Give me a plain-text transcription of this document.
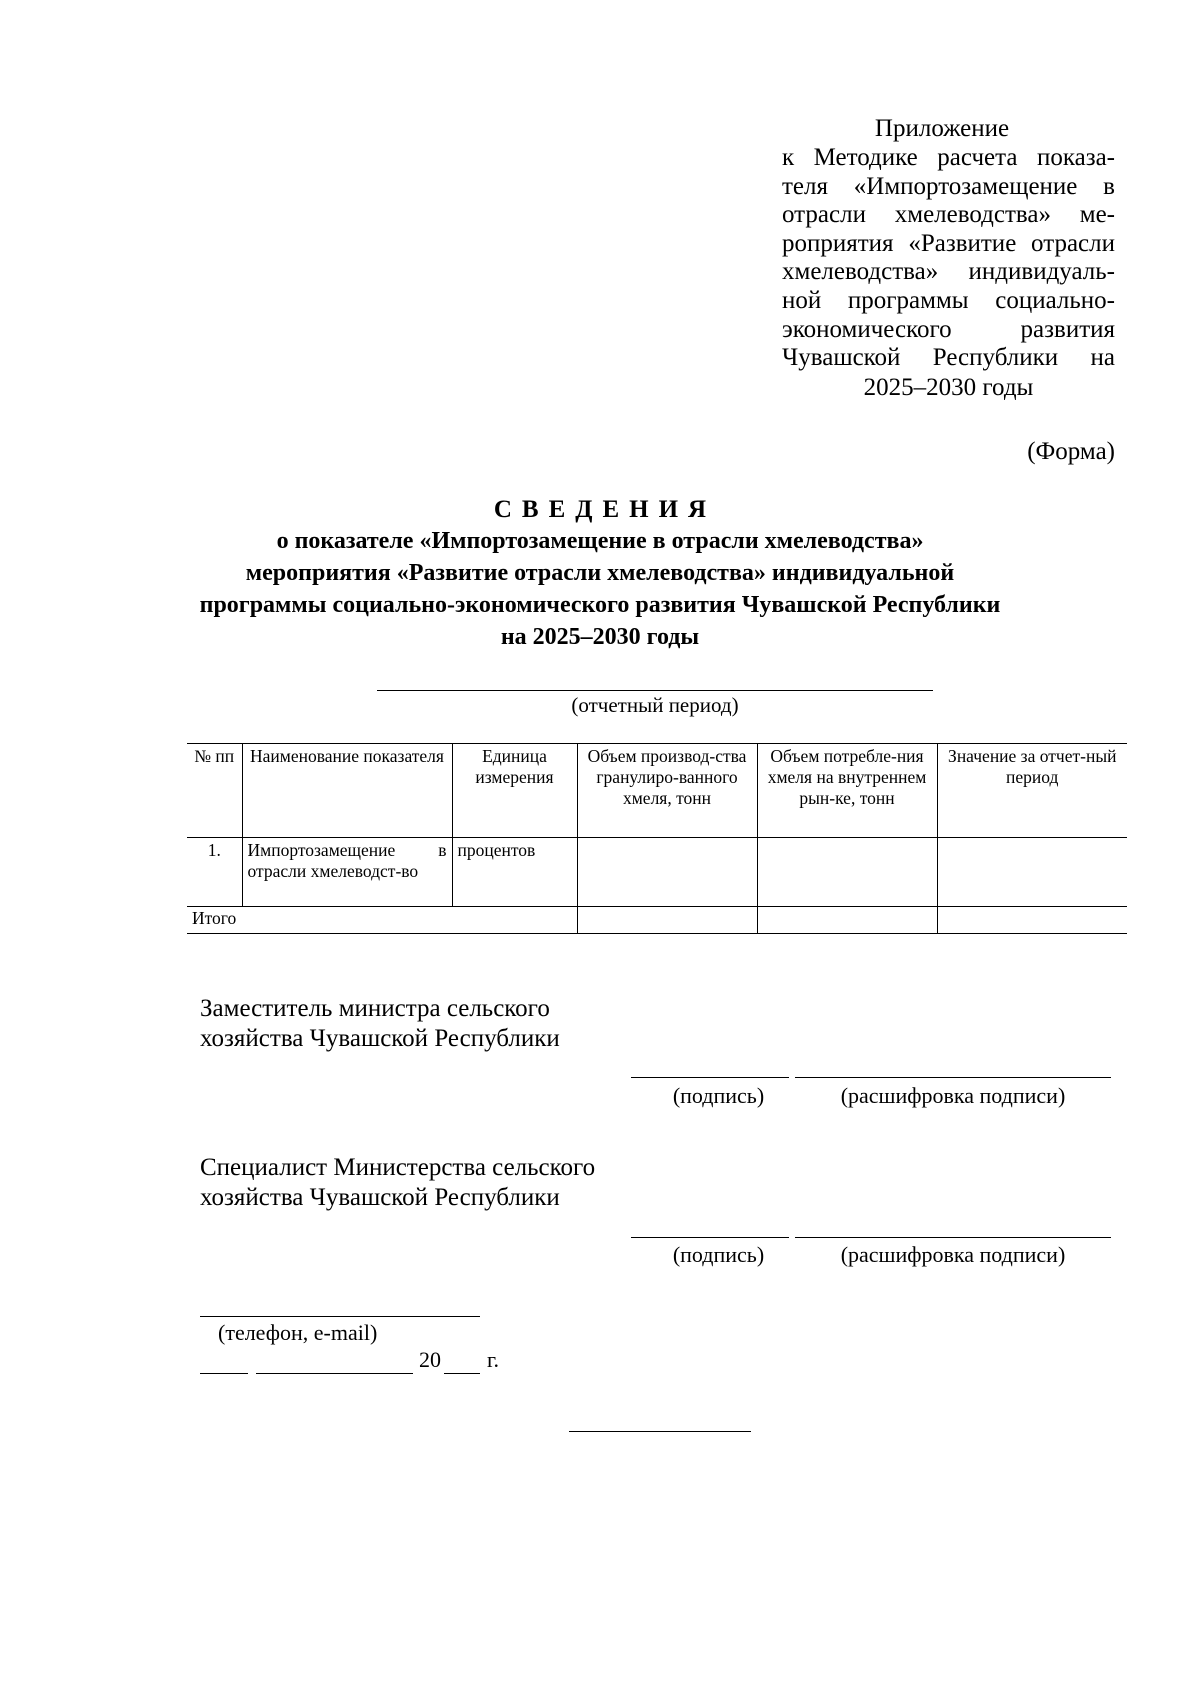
Приложение
к Методике расчета показа-
теля «Импортозамещение в
отрасли хмелеводства» ме-
роприятия «Развитие отрасли
хмелеводства» индивидуаль-
ной программы социально-
экономического развития
Чувашской Республики на
2025–2030 годы
(Форма)
СВЕДЕНИЯ
о показателе «Импортозамещение в отрасли хмелеводства»
мероприятия «Развитие отрасли хмелеводства» индивидуальной
программы социально-экономического развития Чувашской Республики
на 2025–2030 годы
(отчетный период)
№ пп	Наименование показателя	Единица измерения	Объем производ-ства гранулиро-ванного хмеля, тонн	Объем потребле-ния хмеля на внутреннем рын-ке, тонн	Значение за отчет-ный период
1.	Импортозамещение в отрасли хмелеводст-во	процентов			
Итого					
Заместитель министра сельского
хозяйства Чувашской Республики
(подпись)	(расшифровка подписи)
Специалист Министерства сельского
хозяйства Чувашской Республики
(подпись)	(расшифровка подписи)
(телефон, e-mail)
20 г.
